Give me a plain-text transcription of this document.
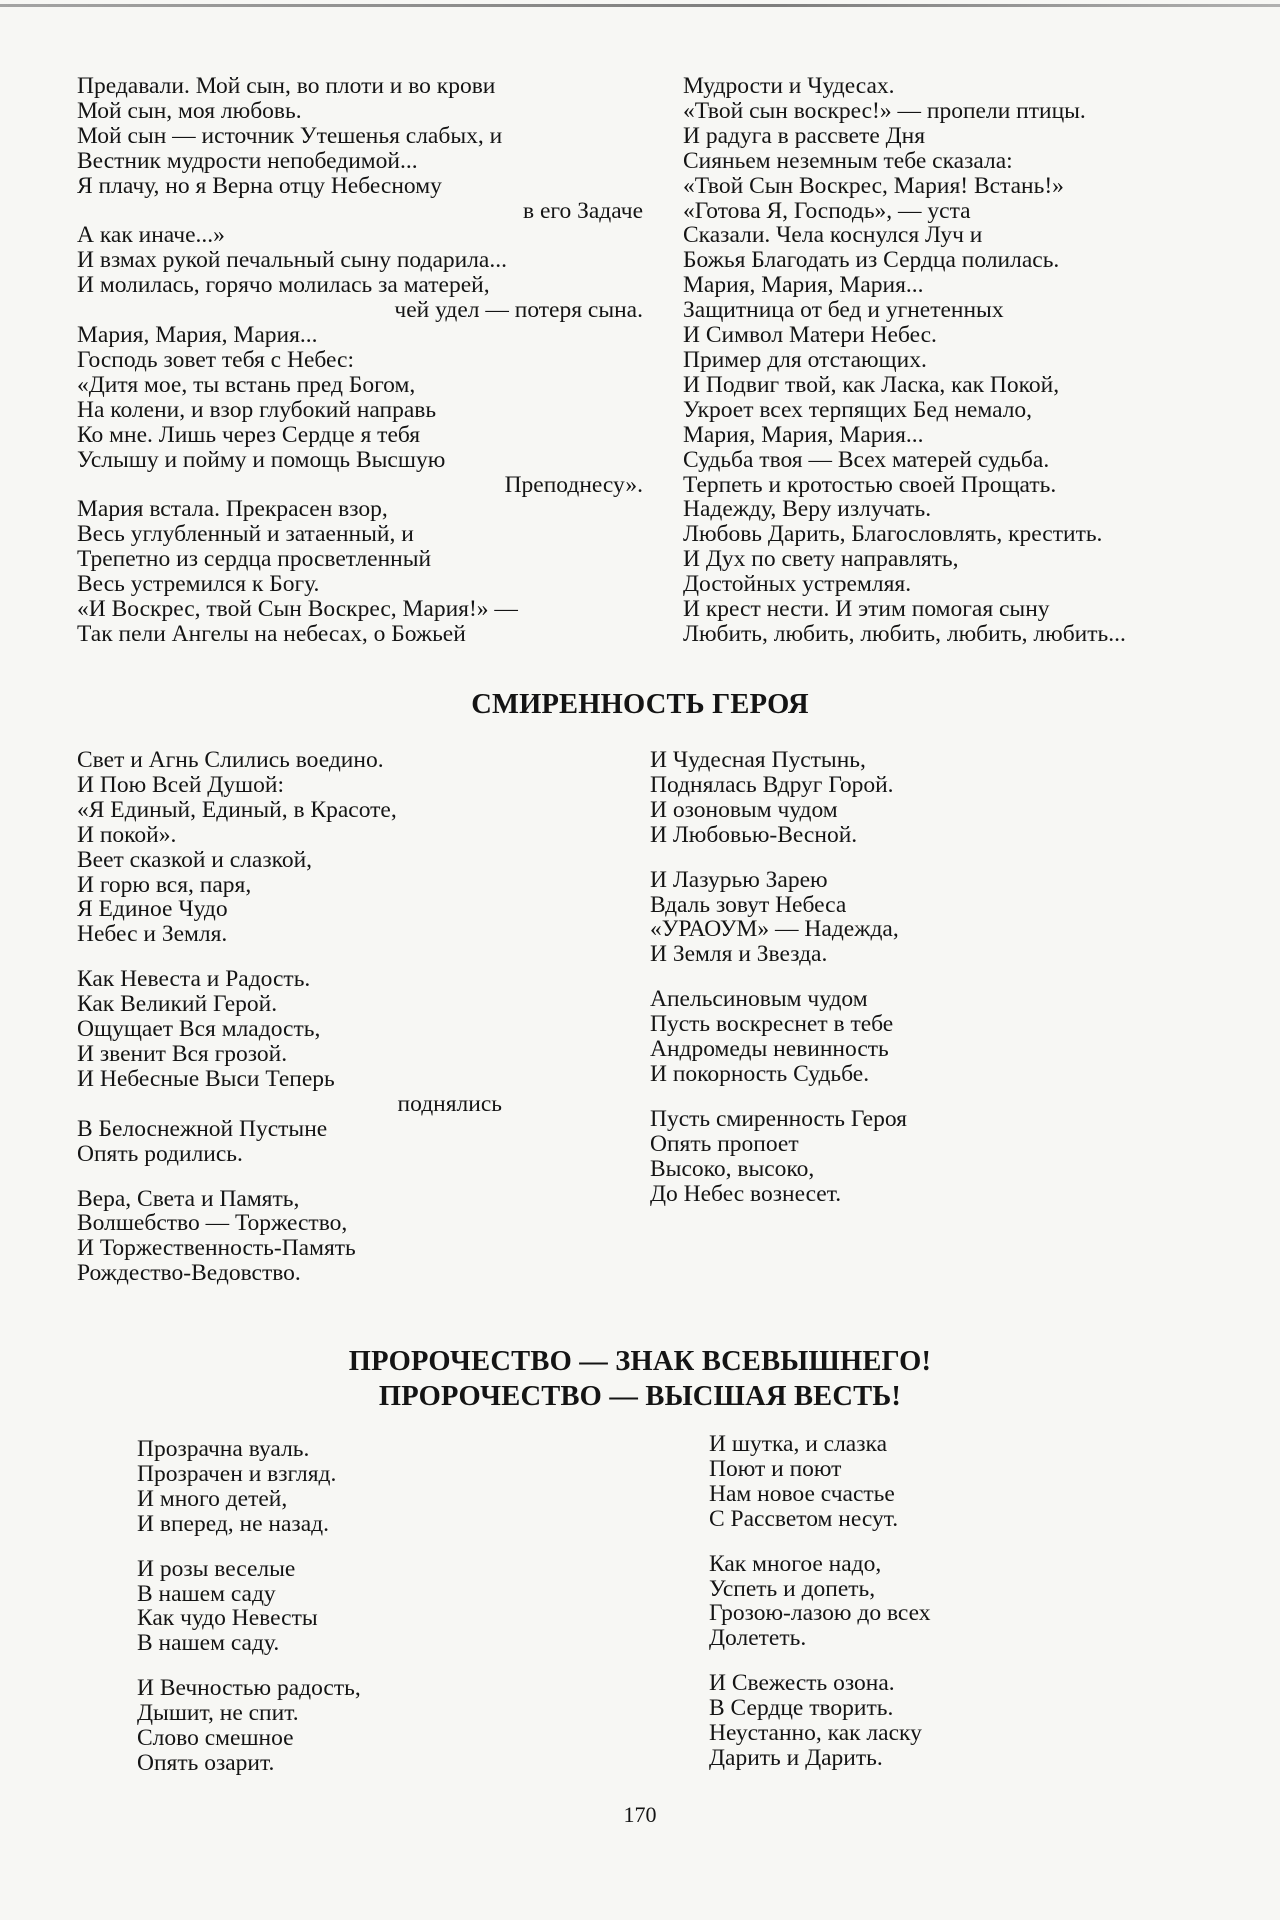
Предавали. Мой сын, во плоти и во крови
Мой сын, моя любовь.
Мой сын — источник Утешенья слабых, и
Вестник мудрости непобедимой...
Я плачу, но я Верна отцу Небесному
в его Задаче
А как иначе...»
И взмах рукой печальный сыну подарила...
И молилась, горячо молилась за матерей,
чей удел — потеря сына.
Мария, Мария, Мария...
Господь зовет тебя с Небес:
«Дитя мое, ты встань пред Богом,
На колени, и взор глубокий направь
Ко мне. Лишь через Сердце я тебя
Услышу и пойму и помощь Высшую
Преподнесу».
Мария встала. Прекрасен взор,
Весь углубленный и затаенный, и
Трепетно из сердца просветленный
Весь устремился к Богу.
«И Воскрес, твой Сын Воскрес, Мария!» —
Так пели Ангелы на небесах, о Божьей
Мудрости и Чудесах.
«Твой сын воскрес!» — пропели птицы.
И радуга в рассвете Дня
Сияньем неземным тебе сказала:
«Твой Сын Воскрес, Мария! Встань!»
«Готова Я, Господь», — уста
Сказали. Чела коснулся Луч и
Божья Благодать из Сердца полилась.
Мария, Мария, Мария...
Защитница от бед и угнетенных
И Символ Матери Небес.
Пример для отстающих.
И Подвиг твой, как Ласка, как Покой,
Укроет всех терпящих Бед немало,
Мария, Мария, Мария...
Судьба твоя — Всех матерей судьба.
Терпеть и кротостью своей Прощать.
Надежду, Веру излучать.
Любовь Дарить, Благословлять, крестить.
И Дух по свету направлять,
Достойных устремляя.
И крест нести. И этим помогая сыну
Любить, любить, любить, любить, любить...
СМИРЕННОСТЬ ГЕРОЯ
Свет и Агнь Слились воедино.
И Пою Всей Душой:
«Я Единый, Единый, в Красоте,
И покой».
Веет сказкой и слазкой,
И горю вся, паря,
Я Единое Чудо
Небес и Земля.
Как Невеста и Радость.
Как Великий Герой.
Ощущает Вся младость,
И звенит Вся грозой.
И Небесные Выси Теперь
поднялись
В Белоснежной Пустыне
Опять родились.
Вера, Света и Память,
Волшебство — Торжество,
И Торжественность-Память
Рождество-Ведовство.
И Чудесная Пустынь,
Поднялась Вдруг Горой.
И озоновым чудом
И Любовью-Весной.
И Лазурью Зарею
Вдаль зовут Небеса
«УРАОУМ» — Надежда,
И Земля и Звезда.
Апельсиновым чудом
Пусть воскреснет в тебе
Андромеды невинность
И покорность Судьбе.
Пусть смиренность Героя
Опять пропоет
Высоко, высоко,
До Небес вознесет.
ПРОРОЧЕСТВО — ЗНАК ВСЕВЫШНЕГО!
ПРОРОЧЕСТВО — ВЫСШАЯ ВЕСТЬ!
Прозрачна вуаль.
Прозрачен и взгляд.
И много детей,
И вперед, не назад.
И розы веселые
В нашем саду
Как чудо Невесты
В нашем саду.
И Вечностью радость,
Дышит, не спит.
Слово смешное
Опять озарит.
И шутка, и слазка
Поют и поют
Нам новое счастье
С Рассветом несут.
Как многое надо,
Успеть и допеть,
Грозою-лазою до всех
Долететь.
И Свежесть озона.
В Сердце творить.
Неустанно, как ласку
Дарить и Дарить.
170
